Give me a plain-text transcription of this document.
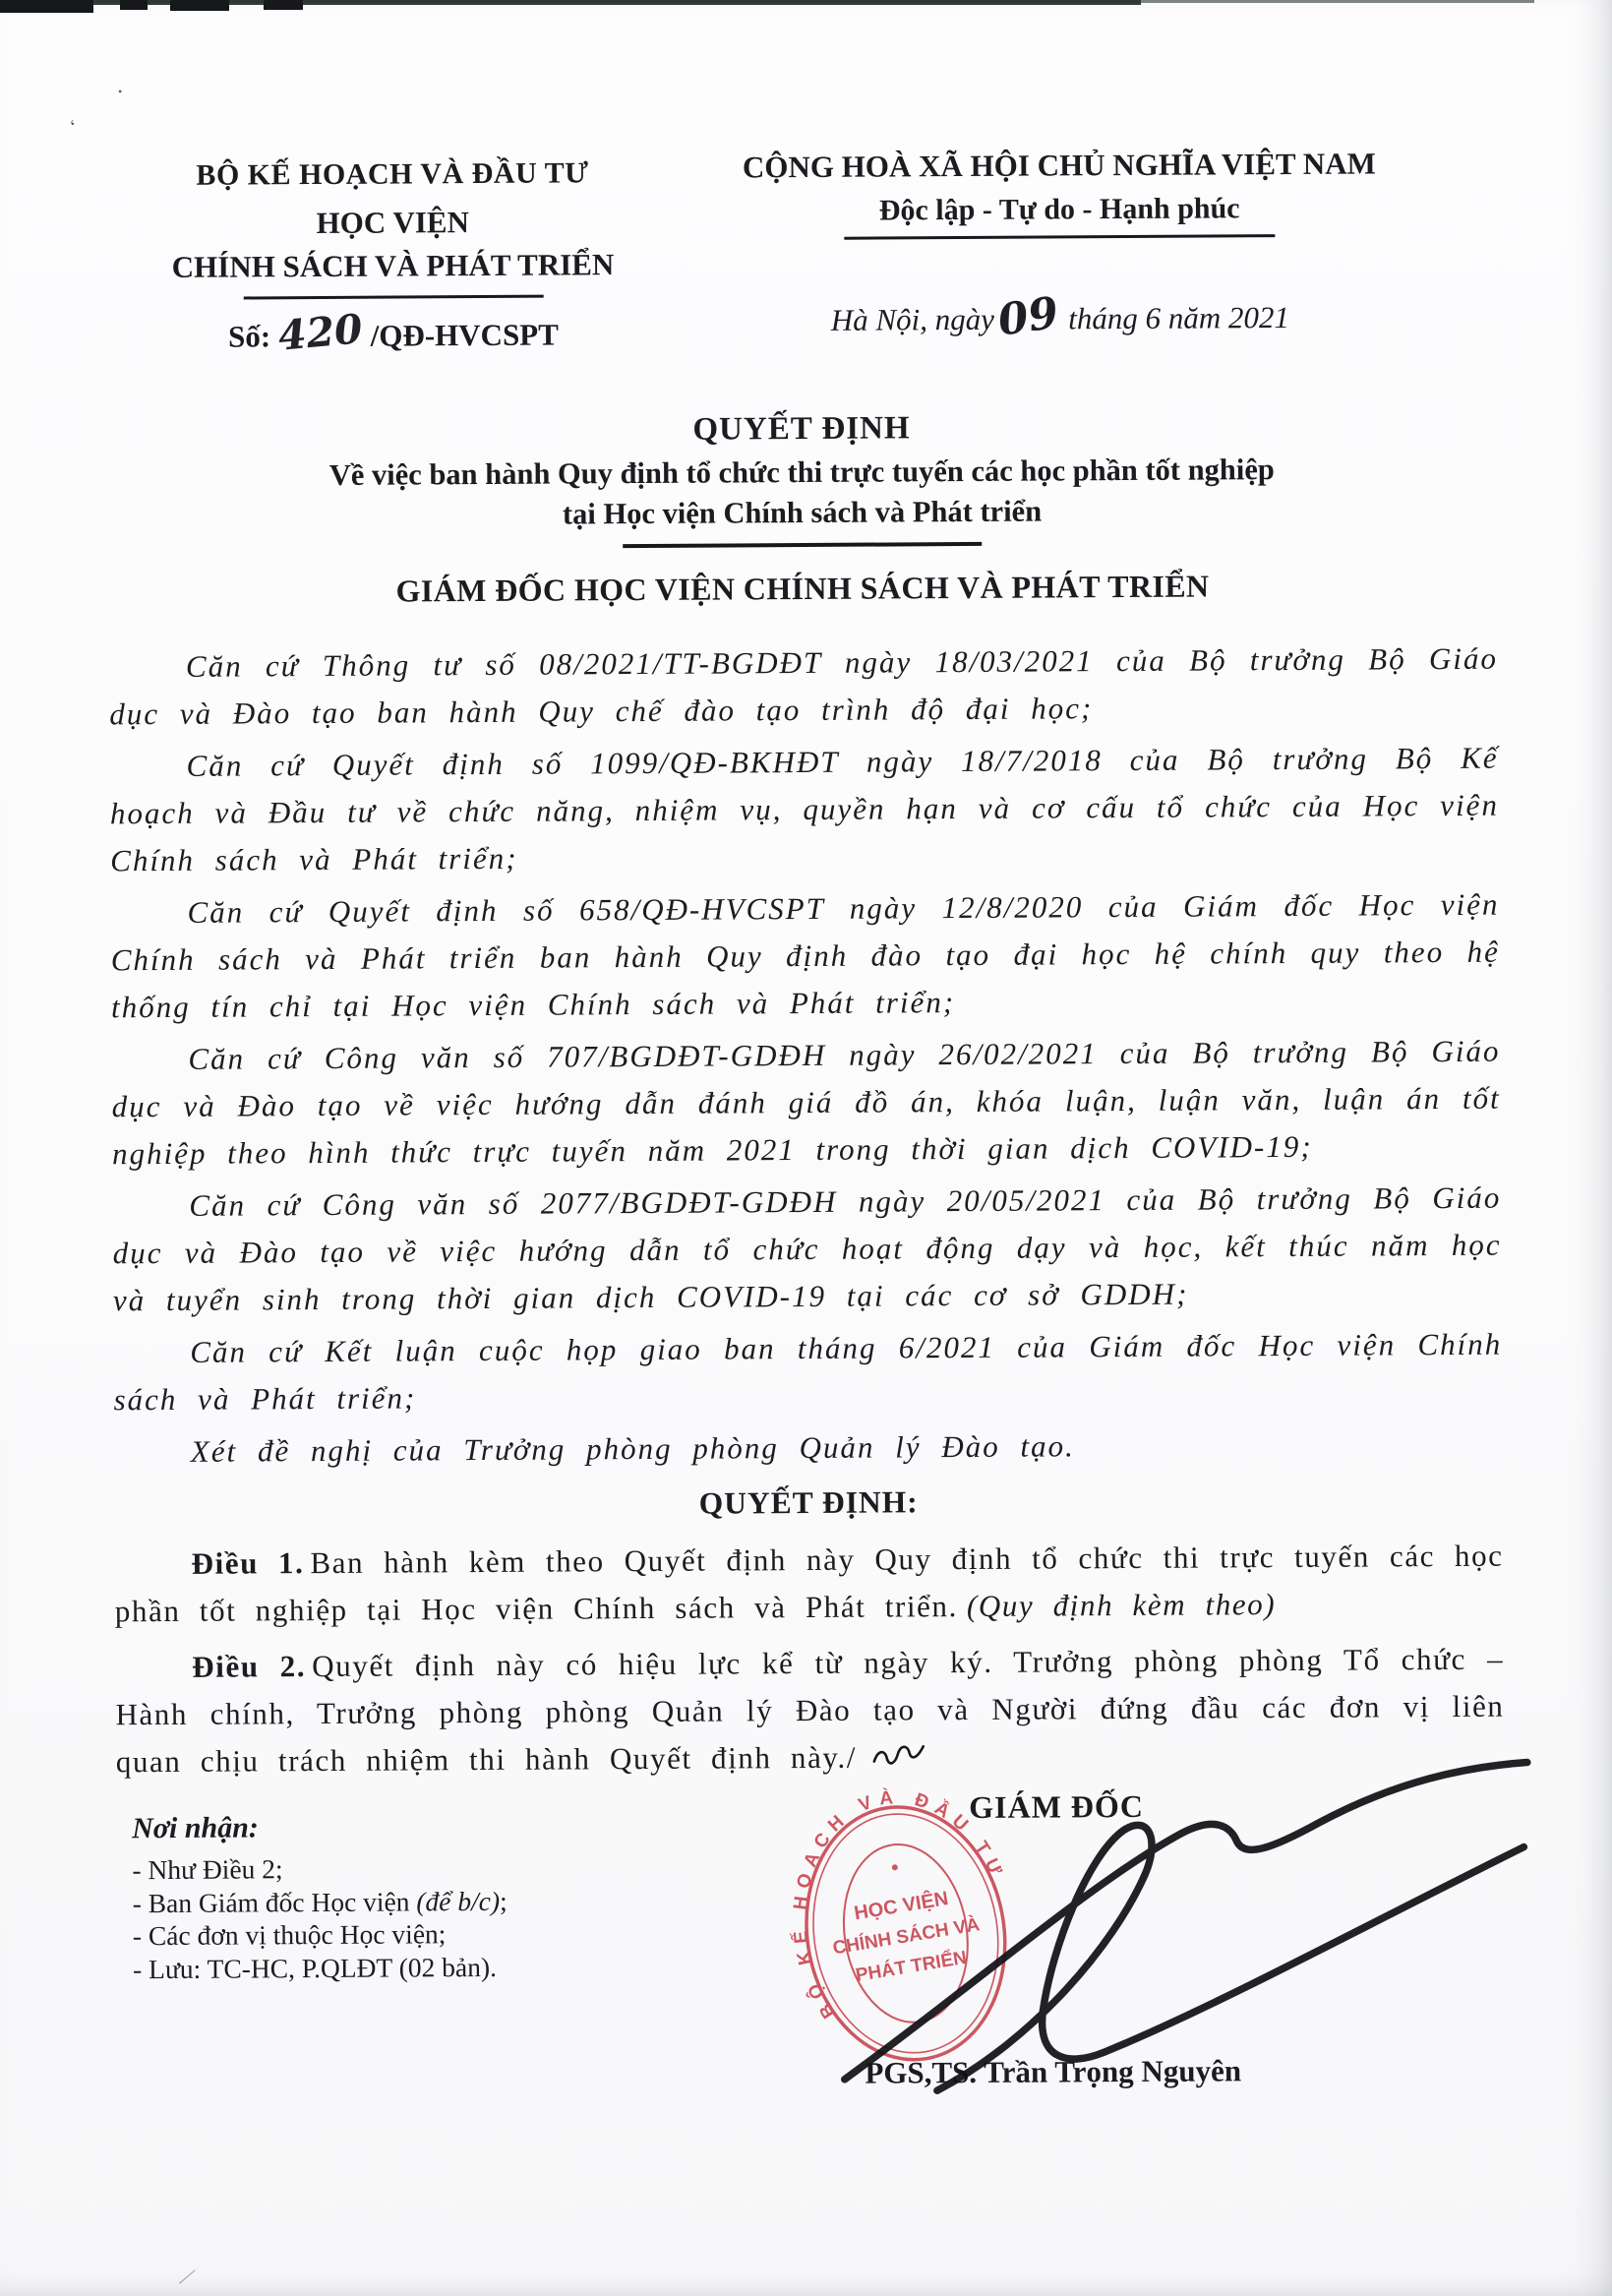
ʻ
•
⁄
BỘ KẾ HOẠCH VÀ ĐẦU TƯ
HỌC VIỆN
CHÍNH SÁCH VÀ PHÁT TRIỂN
Số: 420 /QĐ-HVCSPT
CỘNG HOÀ XÃ HỘI CHỦ NGHĨA VIỆT NAM
Độc lập - Tự do - Hạnh phúc
Hà Nội, ngày09 tháng 6 năm 2021
QUYẾT ĐỊNH
Về việc ban hành Quy định tổ chức thi trực tuyến các học phần tốt nghiệp
tại Học viện Chính sách và Phát triển
GIÁM ĐỐC HỌC VIỆN CHÍNH SÁCH VÀ PHÁT TRIỂN

Căn cứ Thông tư số 08/2021/TT-BGDĐT ngày 18/03/2021 của Bộ trưởng Bộ Giáo dục và Đào tạo ban hành Quy chế đào tạo trình độ đại học;

Căn cứ Quyết định số 1099/QĐ-BKHĐT ngày 18/7/2018 của Bộ trưởng Bộ Kế hoạch và Đầu tư về chức năng, nhiệm vụ, quyền hạn và cơ cấu tổ chức của Học viện Chính sách và Phát triển;

Căn cứ Quyết định số 658/QĐ-HVCSPT ngày 12/8/2020 của Giám đốc Học viện Chính sách và Phát triển ban hành Quy định đào tạo đại học hệ chính quy theo hệ thống tín chỉ tại Học viện Chính sách và Phát triển;

Căn cứ Công văn số 707/BGDĐT-GDĐH ngày 26/02/2021 của Bộ trưởng Bộ Giáo dục và Đào tạo về việc hướng dẫn đánh giá đồ án, khóa luận, luận văn, luận án tốt nghiệp theo hình thức trực tuyến năm 2021 trong thời gian dịch COVID-19;

Căn cứ Công văn số 2077/BGDĐT-GDĐH ngày 20/05/2021 của Bộ trưởng Bộ Giáo dục và Đào tạo về việc hướng dẫn tổ chức hoạt động dạy và học, kết thúc năm học và tuyển sinh trong thời gian dịch COVID-19 tại các cơ sở GDDH;

Căn cứ Kết luận cuộc họp giao ban tháng 6/2021 của Giám đốc Học viện Chính sách và Phát triển;

Xét đề nghị của Trưởng phòng phòng Quản lý Đào tạo.

QUYẾT ĐỊNH:

Điều 1. Ban hành kèm theo Quyết định này Quy định tổ chức thi trực tuyến các học phần tốt nghiệp tại Học viện Chính sách và Phát triển. (Quy định kèm theo)

Điều 2. Quyết định này có hiệu lực kể từ ngày ký. Trưởng phòng phòng Tổ chức – Hành chính, Trưởng phòng phòng Quản lý Đào tạo và Người đứng đầu các đơn vị liên quan chịu trách nhiệm thi hành Quyết định này./

Nơi nhận:
- Như Điều 2;
- Ban Giám đốc Học viện (để b/c);
- Các đơn vị thuộc Học viện;
- Lưu: TC-HC, P.QLĐT (02 bản).
GIÁM ĐỐC
PGS,TS. Trần Trọng Nguyên
BỘ KẾ HOẠCH VÀ ĐẦU TƯ
HỌC VIỆN
CHÍNH SÁCH VÀ
PHÁT TRIỂN
